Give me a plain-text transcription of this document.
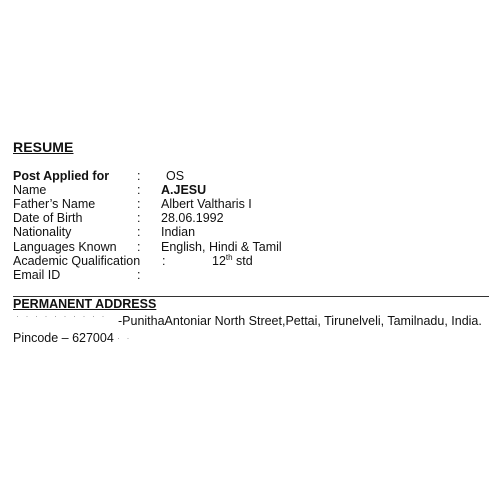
RESUME
Post Applied for : OS
Name	: A.JESU
Father’s Name	: Albert Valtharis I
Date of Birth	: 28.06.1992
Nationality	: Indian
Languages Known : English, Hindi & Tamil
Academic Qualification :	12th std
Email ID	:
PERMANENT ADDRESS
· · · · · · · · · · -PunithaAntoniar North Street,Pettai, Tirunelveli, Tamilnadu, India.
Pincode – 627004 · ·
